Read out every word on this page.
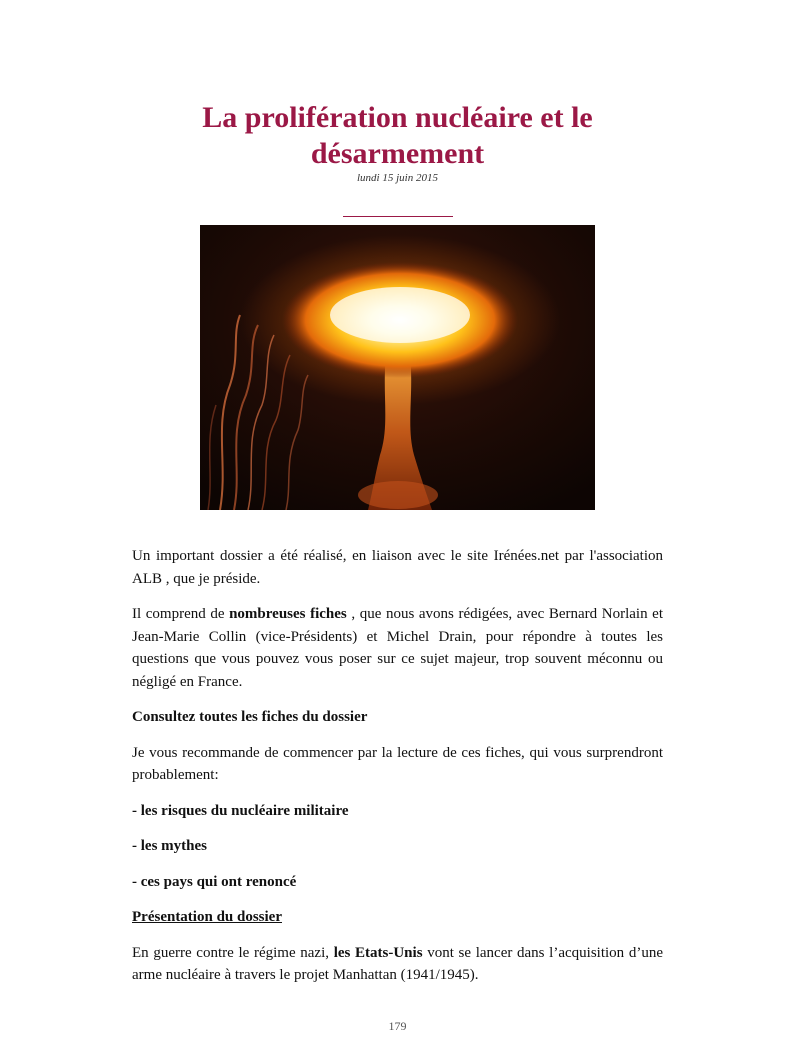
La prolifération nucléaire et le
désarmement
lundi 15 juin 2015

Un important dossier a été réalisé, en liaison avec le site Irénées.net par l'association ALB , que je préside.

Il comprend de nombreuses fiches , que nous avons rédigées, avec Bernard Norlain et Jean-Marie Collin (vice-Présidents) et Michel Drain, pour répondre à toutes les questions que vous pouvez vous poser sur ce sujet majeur, trop souvent méconnu ou négligé en France.

Consultez toutes les fiches du dossier

Je vous recommande de commencer par la lecture de ces fiches, qui vous surprendront probablement:

- les risques du nucléaire militaire

- les mythes

- ces pays qui ont renoncé

Présentation du dossier

En guerre contre le régime nazi, les Etats-Unis vont se lancer dans l’acquisition d’une arme nucléaire à travers le projet Manhattan (1941/1945).

179
